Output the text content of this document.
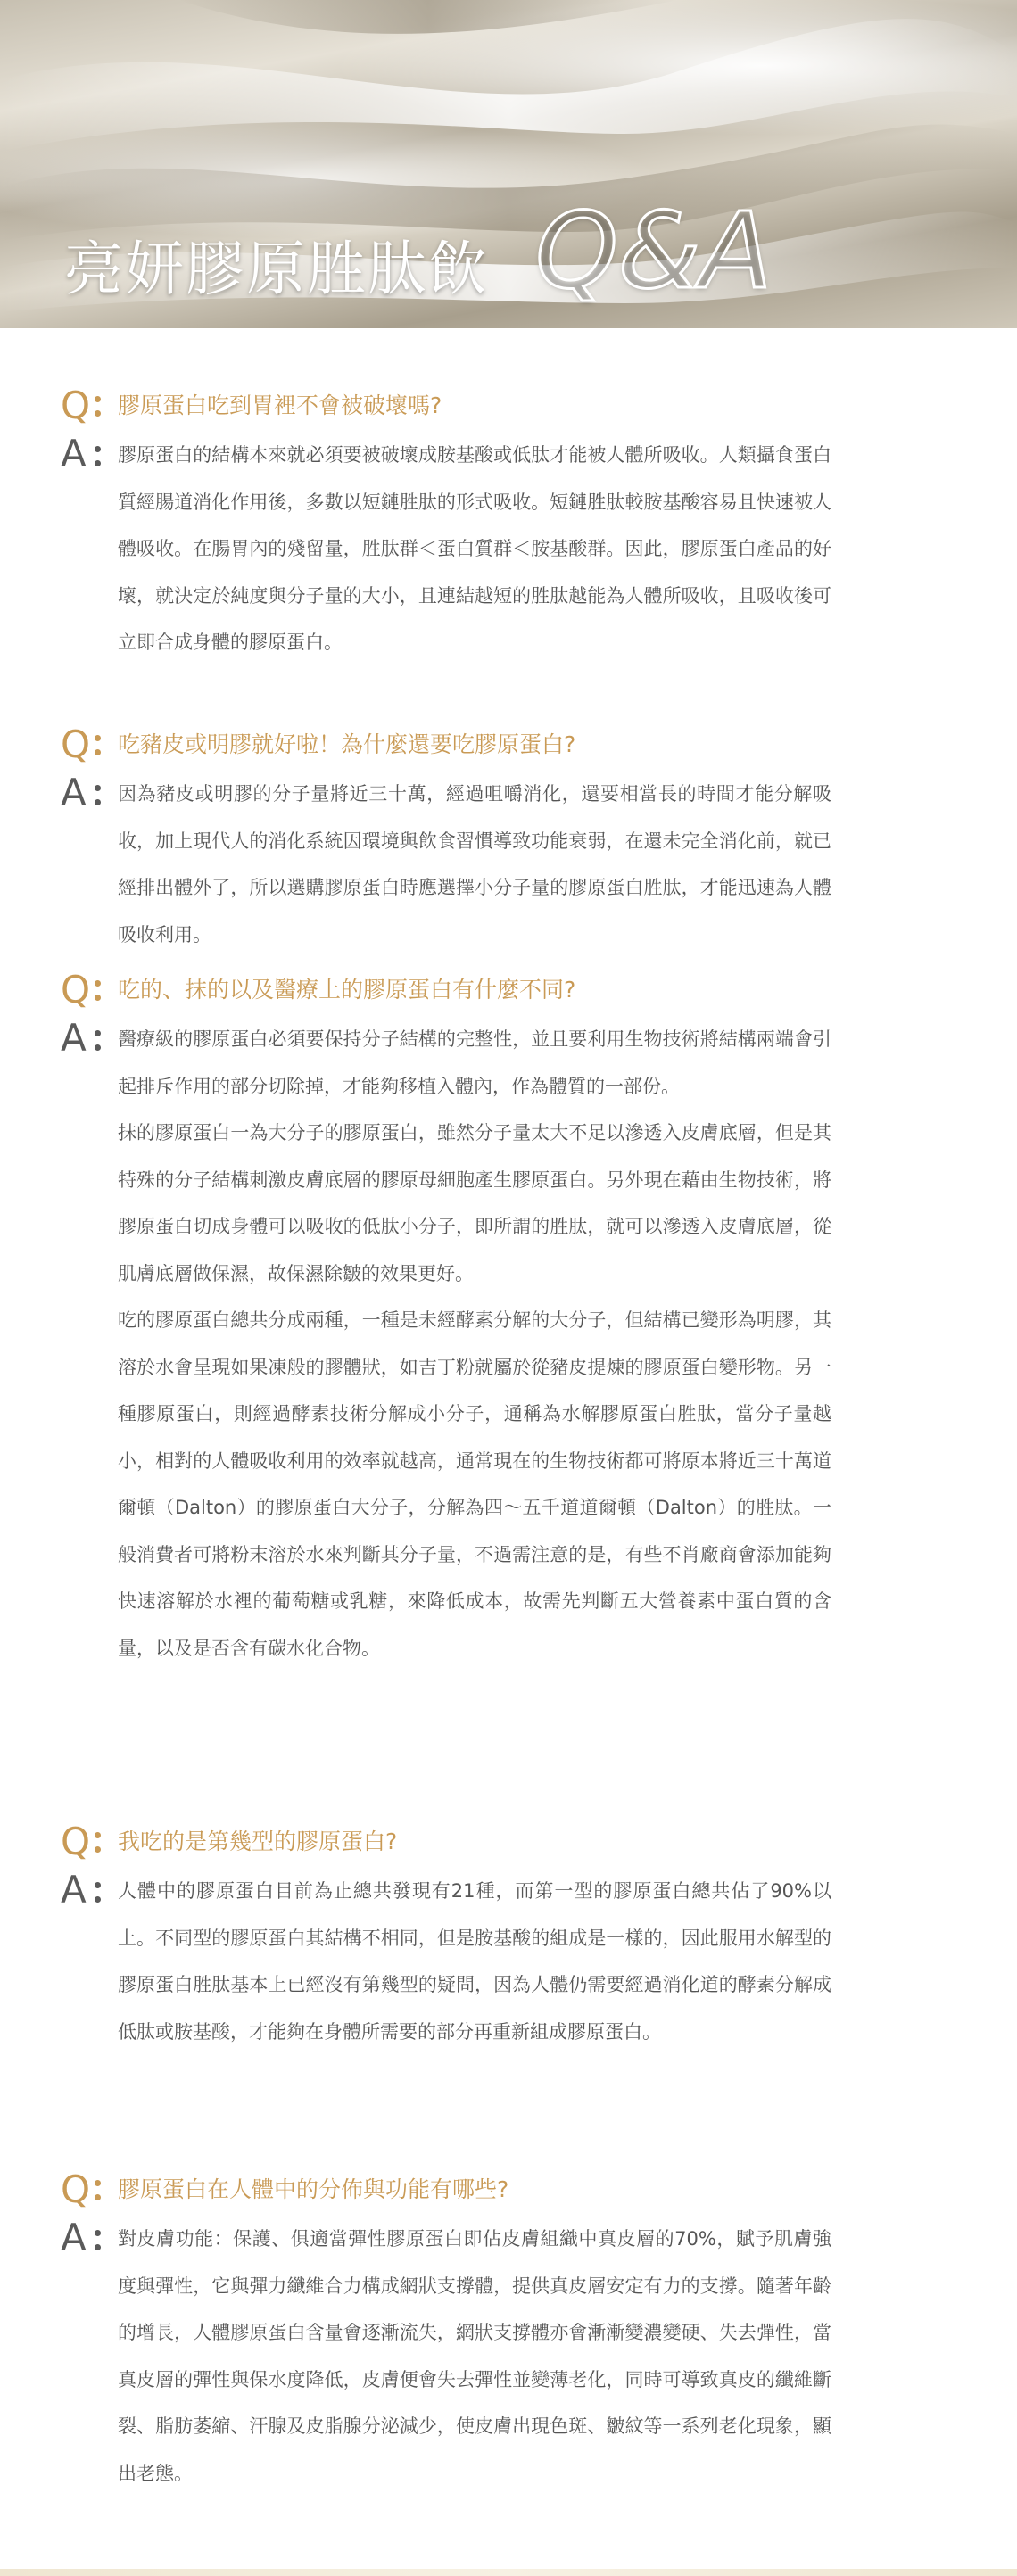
亮妍膠原胜肽飲 Q&A
Q 膠原蛋白吃到胃裡不會被破壞嗎?
A 膠原蛋白的結構本來就必須要被破壞成胺基酸或低肽才能被人體所吸收。人類攝食蛋白質經腸道消化作用後，多數以短鏈胜肽的形式吸收。短鏈胜肽較胺基酸容易且快速被人體吸收。在腸胃內的殘留量，胜肽群＜蛋白質群＜胺基酸群。因此，膠原蛋白產品的好壞，就決定於純度與分子量的大小，且連結越短的胜肽越能為人體所吸收，且吸收後可立即合成身體的膠原蛋白。

Q 吃豬皮或明膠就好啦！為什麼還要吃膠原蛋白?
A 因為豬皮或明膠的分子量將近三十萬，經過咀嚼消化，還要相當長的時間才能分解吸收，加上現代人的消化系統因環境與飲食習慣導致功能衰弱，在還未完全消化前，就已經排出體外了，所以選購膠原蛋白時應選擇小分子量的膠原蛋白胜肽，才能迅速為人體吸收利用。

Q 吃的、抹的以及醫療上的膠原蛋白有什麼不同?
A 醫療級的膠原蛋白必須要保持分子結構的完整性，並且要利用生物技術將結構兩端會引起排斥作用的部分切除掉，才能夠移植入體內，作為體質的一部份。

抹的膠原蛋白一為大分子的膠原蛋白，雖然分子量太大不足以滲透入皮膚底層，但是其特殊的分子結構刺激皮膚底層的膠原母細胞產生膠原蛋白。另外現在藉由生物技術，將膠原蛋白切成身體可以吸收的低肽小分子，即所謂的胜肽，就可以滲透入皮膚底層，從肌膚底層做保濕，故保濕除皺的效果更好。

吃的膠原蛋白總共分成兩種，一種是未經酵素分解的大分子，但結構已變形為明膠，其溶於水會呈現如果凍般的膠體狀，如吉丁粉就屬於從豬皮提煉的膠原蛋白變形物。另一種膠原蛋白，則經過酵素技術分解成小分子，通稱為水解膠原蛋白胜肽，當分子量越小，相對的人體吸收利用的效率就越高，通常現在的生物技術都可將原本將近三十萬道爾頓（Dalton）的膠原蛋白大分子，分解為四～五千道道爾頓（Dalton）的胜肽。一般消費者可將粉末溶於水來判斷其分子量，不過需注意的是，有些不肖廠商會添加能夠快速溶解於水裡的葡萄糖或乳糖，來降低成本，故需先判斷五大營養素中蛋白質的含量，以及是否含有碳水化合物。

Q 我吃的是第幾型的膠原蛋白?
A 人體中的膠原蛋白目前為止總共發現有21種，而第一型的膠原蛋白總共佔了90%以上。不同型的膠原蛋白其結構不相同，但是胺基酸的組成是一樣的，因此服用水解型的膠原蛋白胜肽基本上已經沒有第幾型的疑問，因為人體仍需要經過消化道的酵素分解成低肽或胺基酸，才能夠在身體所需要的部分再重新組成膠原蛋白。

Q 膠原蛋白在人體中的分佈與功能有哪些?
A 對皮膚功能：保護、俱適當彈性膠原蛋白即佔皮膚組織中真皮層的70%，賦予肌膚強度與彈性，它與彈力纖維合力構成網狀支撐體，提供真皮層安定有力的支撐。隨著年齡的增長，人體膠原蛋白含量會逐漸流失，網狀支撐體亦會漸漸變濃變硬、失去彈性，當真皮層的彈性與保水度降低，皮膚便會失去彈性並變薄老化，同時可導致真皮的纖維斷裂、脂肪萎縮、汗腺及皮脂腺分泌減少，使皮膚出現色斑、皺紋等一系列老化現象，顯出老態。
